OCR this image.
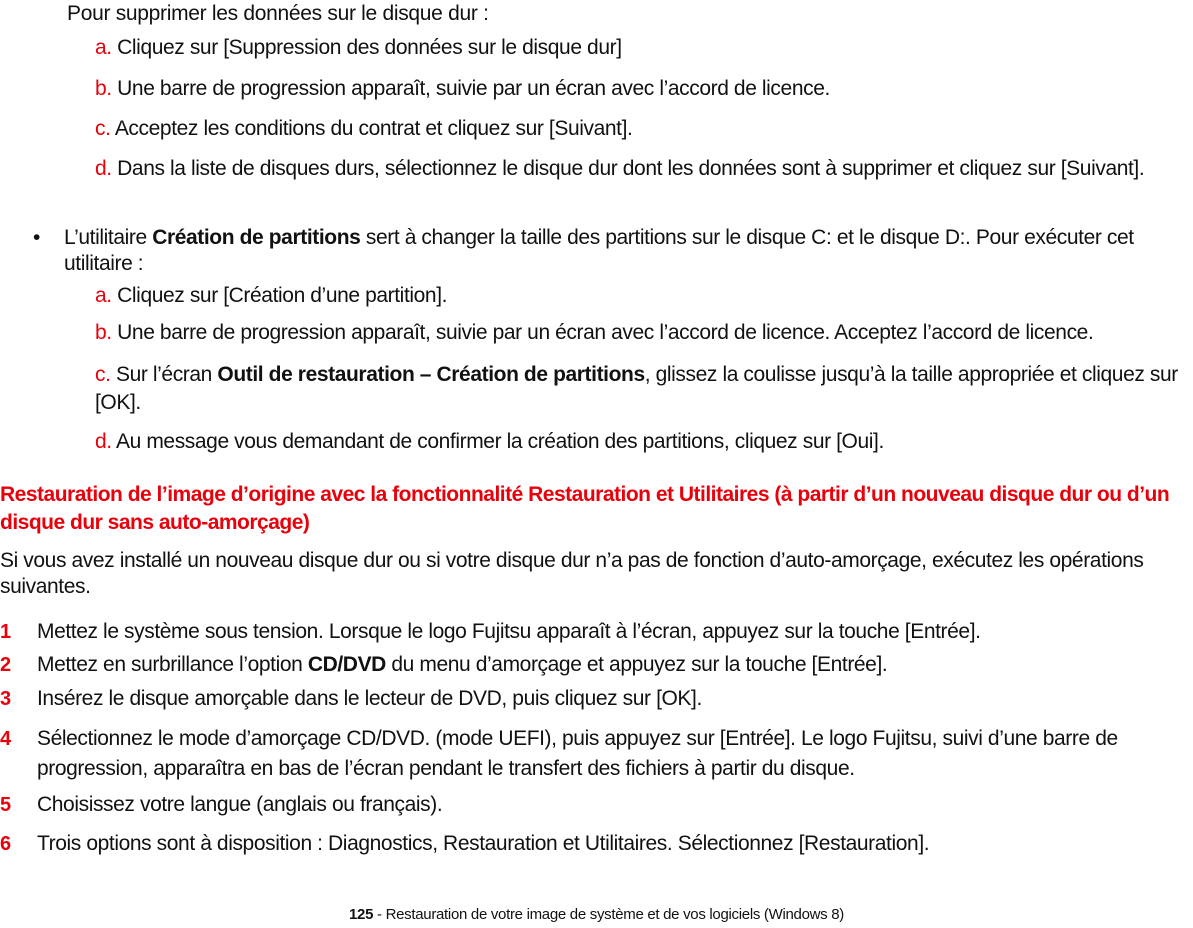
Pour supprimer les données sur le disque dur :
a. Cliquez sur [Suppression des données sur le disque dur]
b. Une barre de progression apparaît, suivie par un écran avec l’accord de licence.
c. Acceptez les conditions du contrat et cliquez sur [Suivant].
d. Dans la liste de disques durs, sélectionnez le disque dur dont les données sont à supprimer et cliquez sur [Suivant].
•	L’utilitaire Création de partitions sert à changer la taille des partitions sur le disque C: et le disque D:. Pour exécuter cet utilitaire :
a. Cliquez sur [Création d’une partition].
b. Une barre de progression apparaît, suivie par un écran avec l’accord de licence. Acceptez l’accord de licence.
c. Sur l’écran Outil de restauration – Création de partitions, glissez la coulisse jusqu’à la taille appropriée et cliquez sur [OK].
d. Au message vous demandant de confirmer la création des partitions, cliquez sur [Oui].
Restauration de l’image d’origine avec la fonctionnalité Restauration et Utilitaires (à partir d’un nouveau disque dur ou d’un disque dur sans auto-amorçage)
Si vous avez installé un nouveau disque dur ou si votre disque dur n’a pas de fonction d’auto-amorçage, exécutez les opérations suivantes.
1	Mettez le système sous tension. Lorsque le logo Fujitsu apparaît à l’écran, appuyez sur la touche [Entrée].
2	Mettez en surbrillance l’option CD/DVD du menu d’amorçage et appuyez sur la touche [Entrée].
3	Insérez le disque amorçable dans le lecteur de DVD, puis cliquez sur [OK].
4	Sélectionnez le mode d’amorçage CD/DVD. (mode UEFI), puis appuyez sur [Entrée]. Le logo Fujitsu, suivi d’une barre de progression, apparaîtra en bas de l’écran pendant le transfert des fichiers à partir du disque.
5	Choisissez votre langue (anglais ou français).
6	Trois options sont à disposition : Diagnostics, Restauration et Utilitaires. Sélectionnez [Restauration].
125 - Restauration de votre image de système et de vos logiciels (Windows 8)
